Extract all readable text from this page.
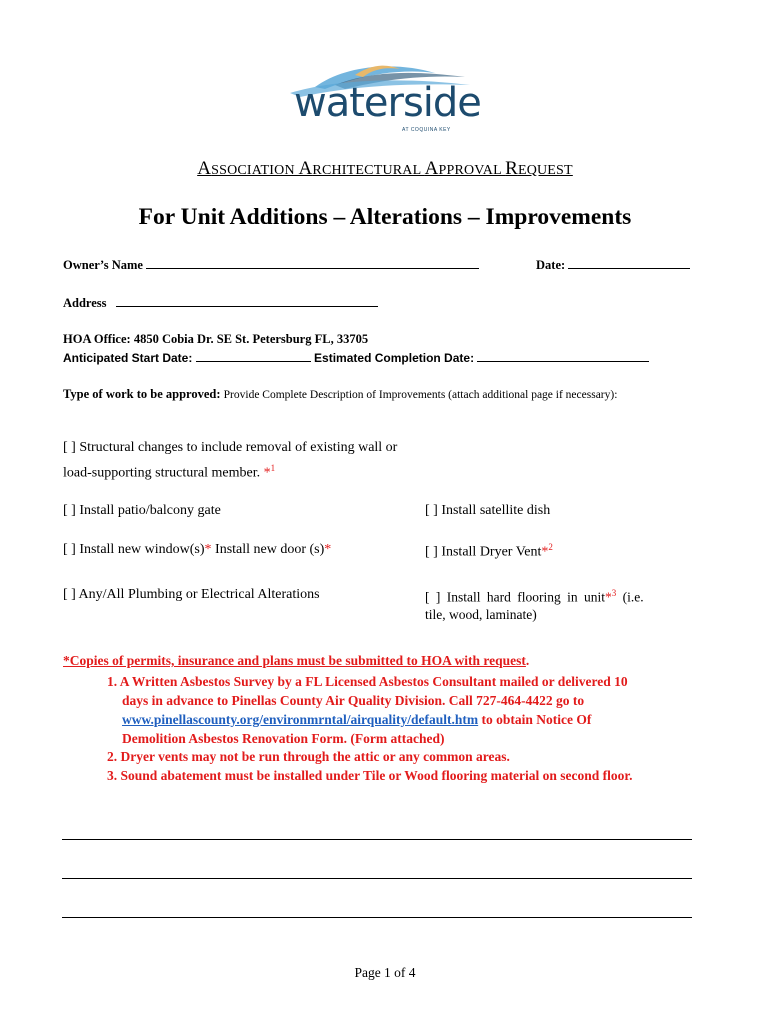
waterside
AT COQUINA KEY
ASSOCIATION ARCHITECTURAL APPROVAL REQUEST
For Unit Additions – Alterations – Improvements
Owner’s Name	Date:
Address
HOA Office: 4850 Cobia Dr. SE St. Petersburg FL, 33705
Anticipated Start Date:	Estimated Completion Date:
Type of work to be approved: Provide Complete Description of Improvements (attach additional page if necessary):
[ ] Structural changes to include removal of existing wall or
load-supporting structural member. *$^1$
[ ] Install patio/balcony gate	[ ] Install satellite dish
[ ] Install new window(s)* Install new door (s)*	[ ] Install Dryer Vent*$^2$
[ ] Any/All Plumbing or Electrical Alterations	[ ] Install hard flooring in unit*$^3$ (i.e.
tile, wood, laminate)
*Copies of permits, insurance and plans must be submitted to HOA with request.
1. A Written Asbestos Survey by a FL Licensed Asbestos Consultant mailed or delivered 10
days in advance to Pinellas County Air Quality Division. Call 727-464-4422 go to
www.pinellascounty.org/environmrntal/airquality/default.htm to obtain Notice Of
Demolition Asbestos Renovation Form. (Form attached)
2. Dryer vents may not be run through the attic or any common areas.
3. Sound abatement must be installed under Tile or Wood flooring material on second floor.
Page 1 of 4
